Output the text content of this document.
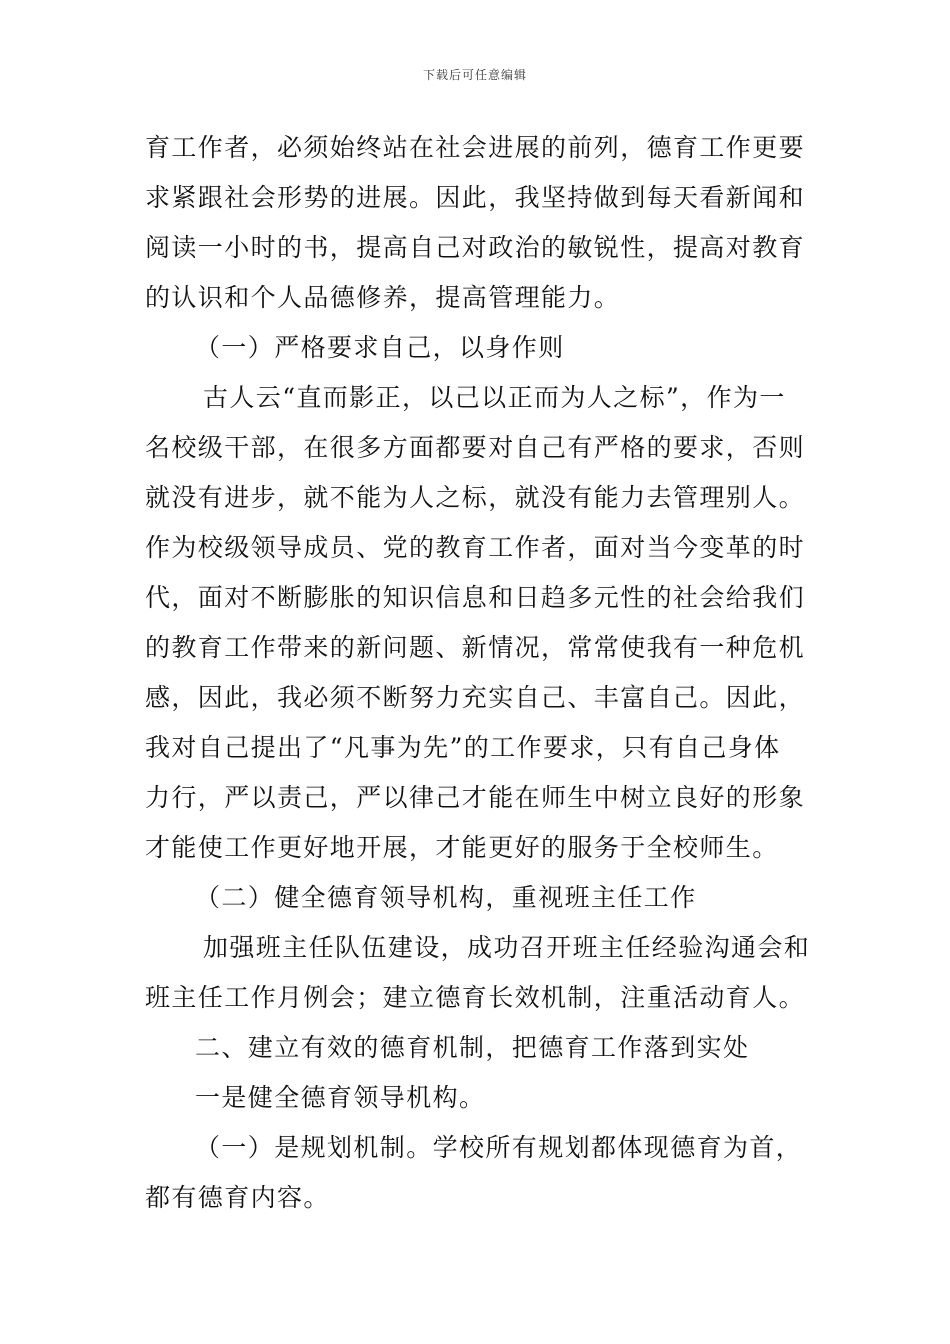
下载后可任意编辑
育工作者，必须始终站在社会进展的前列，德育工作更要
求紧跟社会形势的进展。因此，我坚持做到每天看新闻和
阅读一小时的书，提高自己对政治的敏锐性，提高对教育
的认识和个人品德修养，提高管理能力。
（一）严格要求自己，以身作则
古人云“直而影正，以己以正而为人之标”，作为一
名校级干部，在很多方面都要对自己有严格的要求，否则
就没有进步，就不能为人之标，就没有能力去管理别人。
作为校级领导成员、党的教育工作者，面对当今变革的时
代，面对不断膨胀的知识信息和日趋多元性的社会给我们
的教育工作带来的新问题、新情况，常常使我有一种危机
感，因此，我必须不断努力充实自己、丰富自己。因此，
我对自己提出了“凡事为先”的工作要求，只有自己身体
力行，严以责己，严以律己才能在师生中树立良好的形象
才能使工作更好地开展，才能更好的服务于全校师生。
（二）健全德育领导机构，重视班主任工作
加强班主任队伍建设，成功召开班主任经验沟通会和
班主任工作月例会；建立德育长效机制，注重活动育人。
二、建立有效的德育机制，把德育工作落到实处
一是健全德育领导机构。
（一）是规划机制。学校所有规划都体现德育为首，
都有德育内容。
